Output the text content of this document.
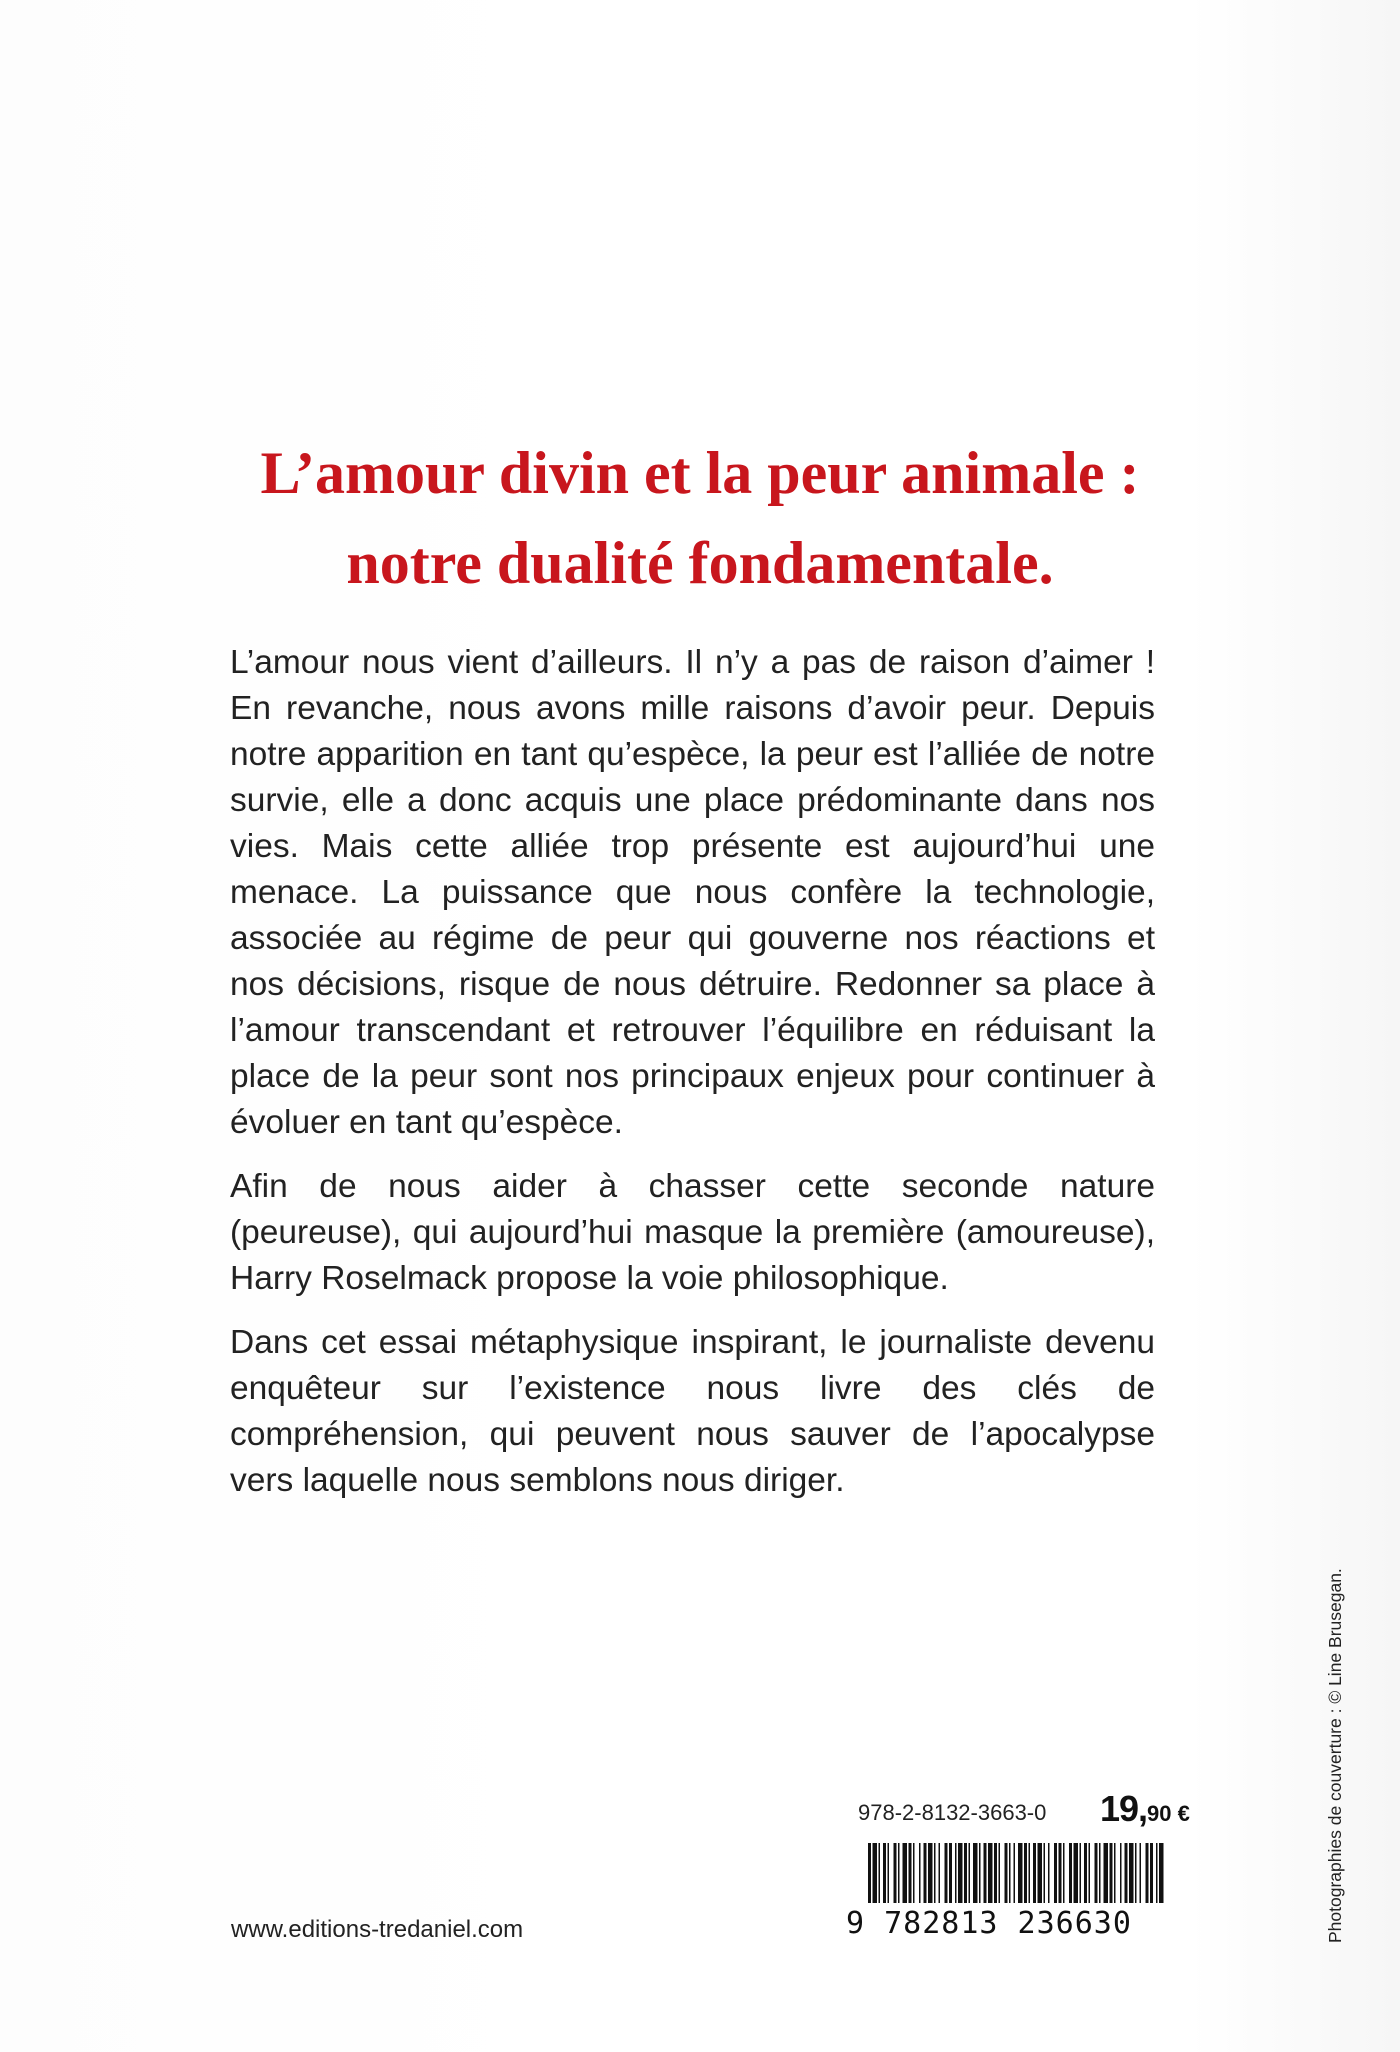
L’amour divin et la peur animale :
notre dualité fondamentale.

L’amour nous vient d’ailleurs. Il n’y a pas de raison d’aimer ! En revanche, nous avons mille raisons d’avoir peur. Depuis notre apparition en tant qu’espèce, la peur est l’alliée de notre survie, elle a donc acquis une place prédominante dans nos vies. Mais cette alliée trop présente est aujourd’hui une menace. La puissance que nous confère la technologie, associée au régime de peur qui gouverne nos réactions et nos décisions, risque de nous détruire. Redonner sa place à l’amour transcendant et retrouver l’équilibre en réduisant la place de la peur sont nos principaux enjeux pour continuer à évoluer en tant qu’espèce.

Afin de nous aider à chasser cette seconde nature (peureuse), qui aujourd’hui masque la première (amoureuse), Harry Roselmack propose la voie philosophique.

Dans cet essai métaphysique inspirant, le journaliste devenu enquêteur sur l’existence nous livre des clés de compréhension, qui peuvent nous sauver de l’apocalypse vers laquelle nous semblons nous diriger.

www.editions-tredaniel.com
978-2-8132-3663-0 19,90 €
9 782813 236630	Photographies de couverture : © Line Brusegan.
